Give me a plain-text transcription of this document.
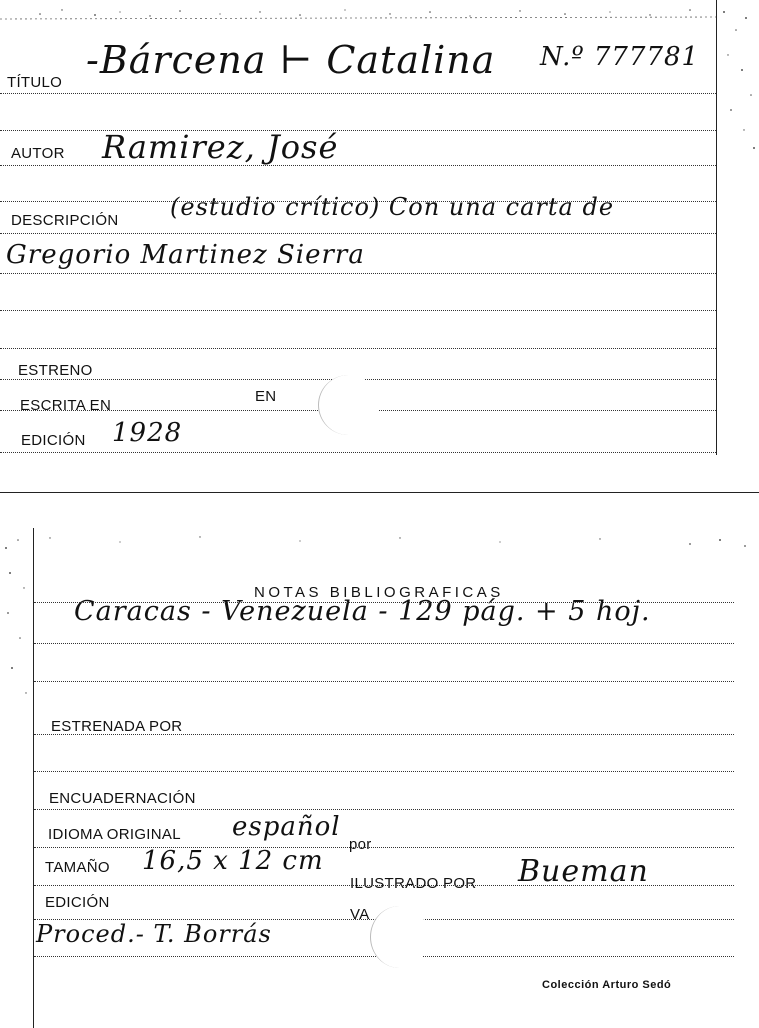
TÍTULO
-Bárcena ⊢ Catalina N.º 777781
AUTOR Ramirez, José
DESCRIPCIÓN (estudio crítico) Con una carta de
Gregorio Martinez Sierra
ESTRENO
ESCRITA EN
EN
EDICIÓN 1928
NOTAS BIBLIOGRAFICAS
Caracas - Venezuela - 129 pág. + 5 hoj.
ESTRENADA POR
ENCUADERNACIÓN
IDIOMA ORIGINAL español
por
TAMAÑO 16,5 x 12 cm
ILUSTRADO POR Bueman
EDICIÓN
VA
Proced.- T. Borrás
Colección Arturo Sedó
